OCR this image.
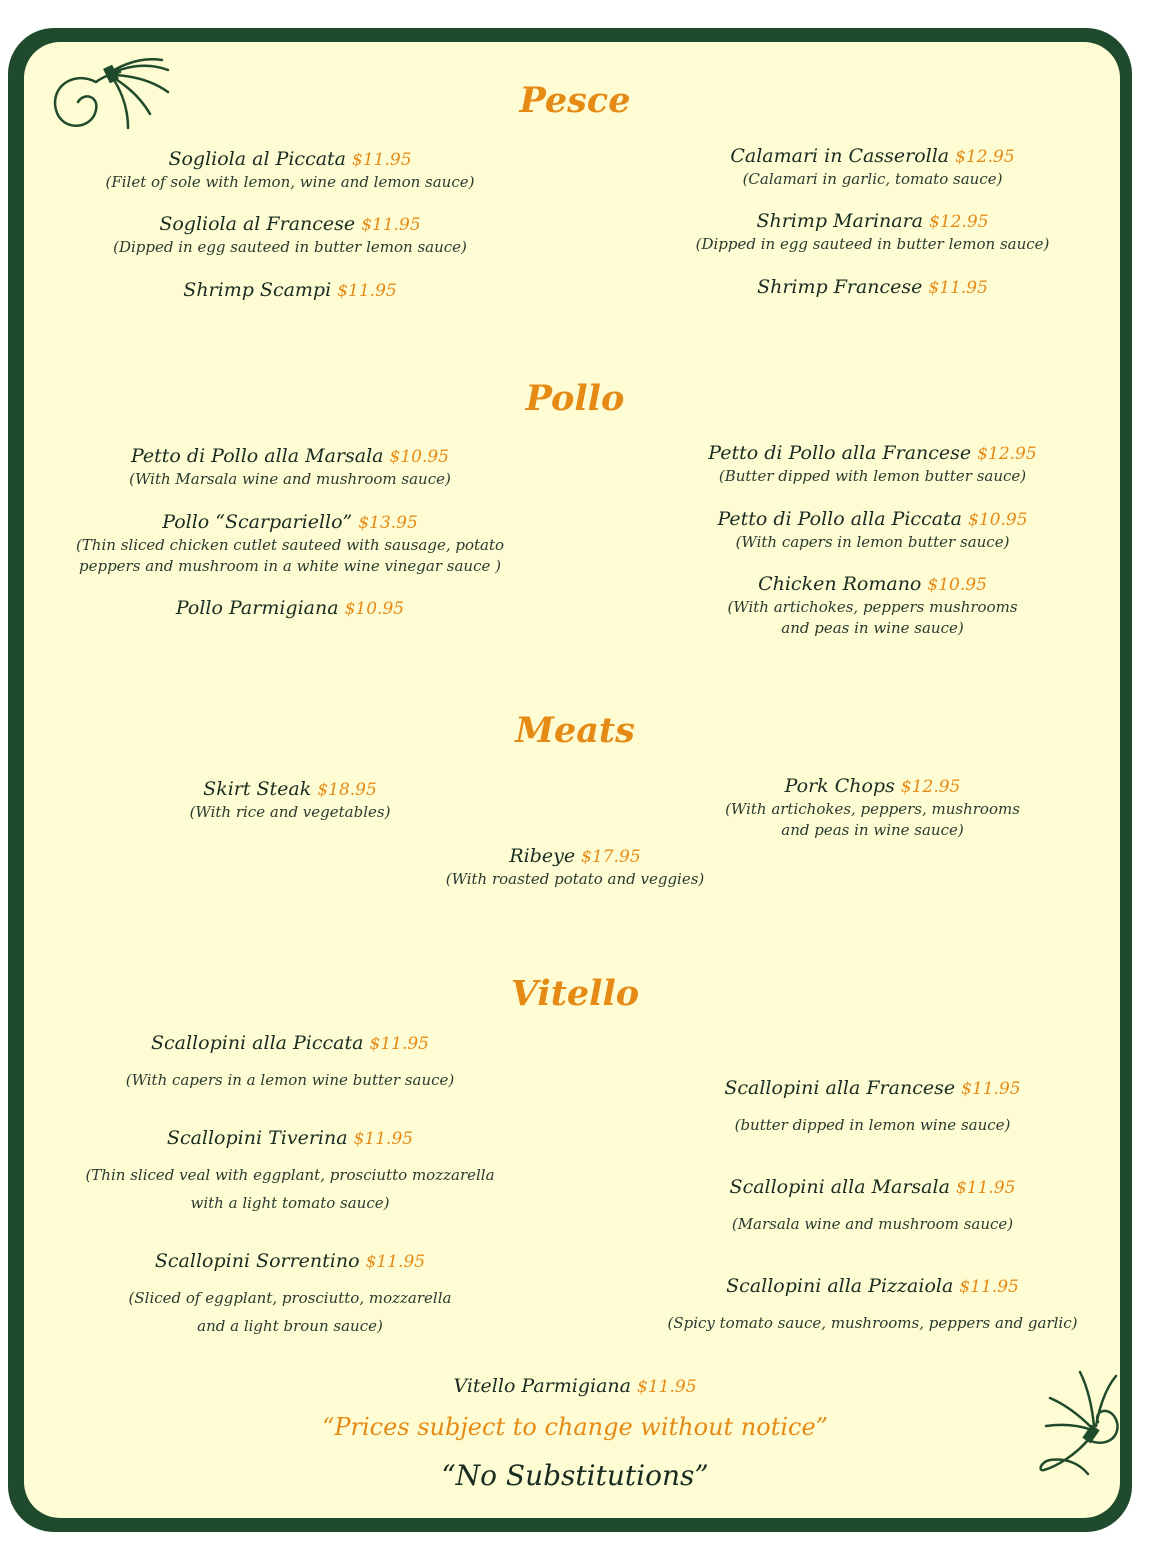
Pesce
Sogliola al Piccata $11.95
(Filet of sole with lemon, wine and lemon sauce)
Sogliola al Francese $11.95
(Dipped in egg sauteed in butter lemon sauce)
Shrimp Scampi $11.95
Calamari in Casserolla $12.95
(Calamari in garlic, tomato sauce)
Shrimp Marinara $12.95
(Dipped in egg sauteed in butter lemon sauce)
Shrimp Francese $11.95
Pollo
Petto di Pollo alla Marsala $10.95
(With Marsala wine and mushroom sauce)
Pollo “Scarpariello” $13.95
(Thin sliced chicken cutlet sauteed with sausage, potato
peppers and mushroom in a white wine vinegar sauce )
Pollo Parmigiana $10.95
Petto di Pollo alla Francese $12.95
(Butter dipped with lemon butter sauce)
Petto di Pollo alla Piccata $10.95
(With capers in lemon butter sauce)
Chicken Romano $10.95
(With artichokes, peppers mushrooms
and peas in wine sauce)
Meats
Skirt Steak $18.95
(With rice and vegetables)
Pork Chops $12.95
(With artichokes, peppers, mushrooms
and peas in wine sauce)
Ribeye $17.95
(With roasted potato and veggies)
Vitello
Scallopini alla Piccata $11.95
(With capers in a lemon wine butter sauce)
Scallopini Tiverina $11.95
(Thin sliced veal with eggplant, prosciutto mozzarella
with a light tomato sauce)
Scallopini Sorrentino $11.95
(Sliced of eggplant, prosciutto, mozzarella
and a light broun sauce)
Scallopini alla Francese $11.95
(butter dipped in lemon wine sauce)
Scallopini alla Marsala $11.95
(Marsala wine and mushroom sauce)
Scallopini alla Pizzaiola $11.95
(Spicy tomato sauce, mushrooms, peppers and garlic)
Vitello Parmigiana $11.95
“Prices subject to change without notice”
“No Substitutions”
